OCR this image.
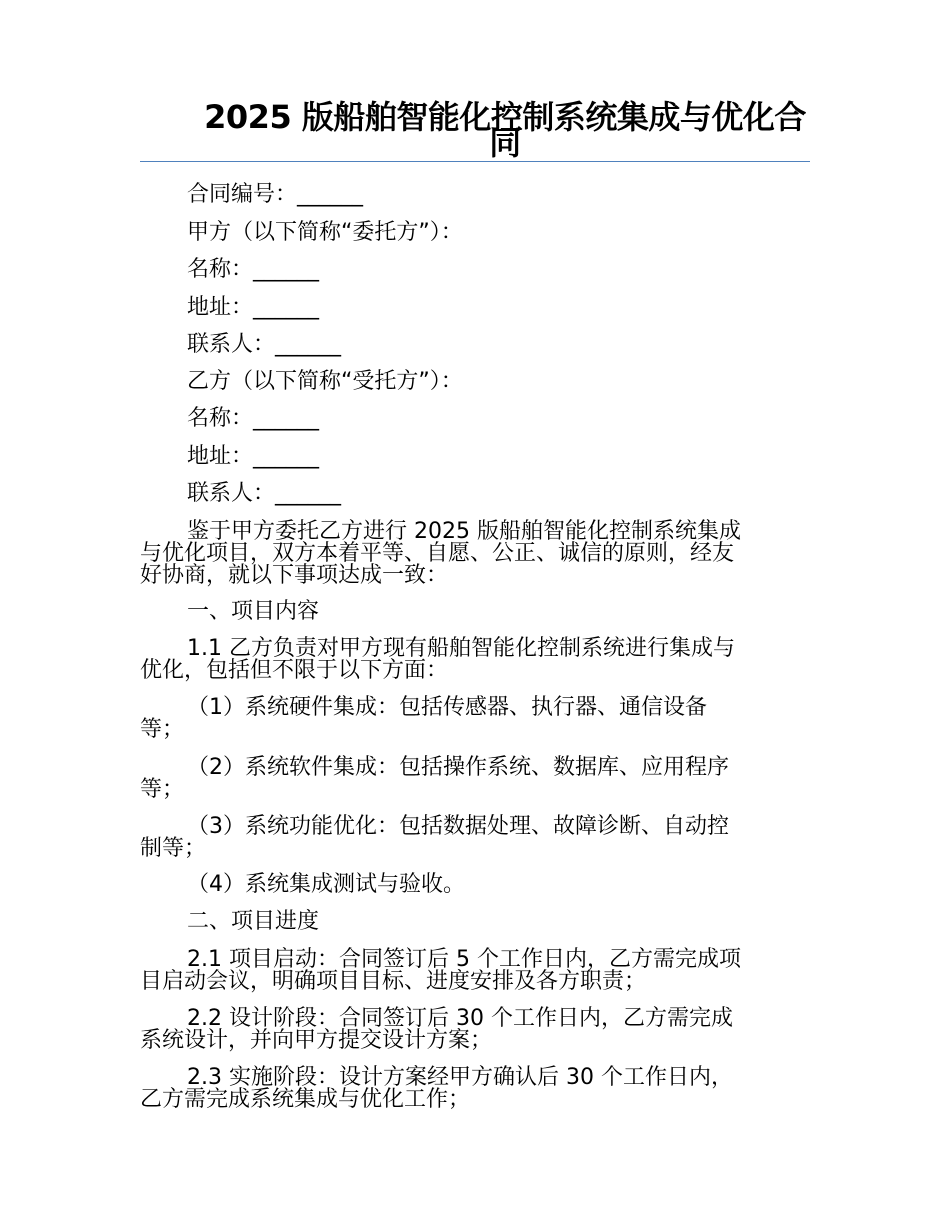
2025 版船舶智能化控制系统集成与优化合同
合同编号：______
甲方（以下简称“委托方”）：
名称：______
地址：______
联系人：______
乙方（以下简称“受托方”）：
名称：______
地址：______
联系人：______
鉴于甲方委托乙方进行 2025 版船舶智能化控制系统集成
与优化项目，双方本着平等、自愿、公正、诚信的原则，经友
好协商，就以下事项达成一致：
一、项目内容
1.1 乙方负责对甲方现有船舶智能化控制系统进行集成与
优化，包括但不限于以下方面：
（1）系统硬件集成：包括传感器、执行器、通信设备
等；
（2）系统软件集成：包括操作系统、数据库、应用程序
等；
（3）系统功能优化：包括数据处理、故障诊断、自动控
制等；
（4）系统集成测试与验收。
二、项目进度
2.1 项目启动：合同签订后 5 个工作日内，乙方需完成项
目启动会议，明确项目目标、进度安排及各方职责；
2.2 设计阶段：合同签订后 30 个工作日内，乙方需完成
系统设计，并向甲方提交设计方案；
2.3 实施阶段：设计方案经甲方确认后 30 个工作日内，
乙方需完成系统集成与优化工作；
